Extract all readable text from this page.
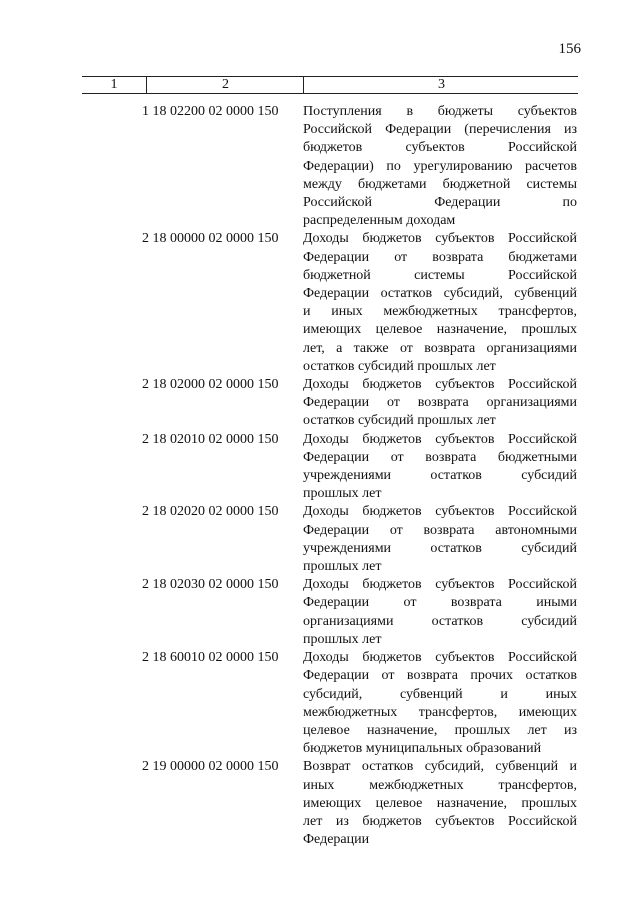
156
1	2	3
1 18 02200 02 0000 150	Поступления в бюджеты субъектов
Российской Федерации (перечисления из
бюджетов субъектов Российской
Федерации) по урегулированию расчетов
между бюджетами бюджетной системы
Российской Федерации по
распределенным доходам
2 18 00000 02 0000 150	Доходы бюджетов субъектов Российской
Федерации от возврата бюджетами
бюджетной системы Российской
Федерации остатков субсидий, субвенций
и иных межбюджетных трансфертов,
имеющих целевое назначение, прошлых
лет, а также от возврата организациями
остатков субсидий прошлых лет
2 18 02000 02 0000 150	Доходы бюджетов субъектов Российской
Федерации от возврата организациями
остатков субсидий прошлых лет
2 18 02010 02 0000 150	Доходы бюджетов субъектов Российской
Федерации от возврата бюджетными
учреждениями остатков субсидий
прошлых лет
2 18 02020 02 0000 150	Доходы бюджетов субъектов Российской
Федерации от возврата автономными
учреждениями остатков субсидий
прошлых лет
2 18 02030 02 0000 150	Доходы бюджетов субъектов Российской
Федерации от возврата иными
организациями остатков субсидий
прошлых лет
2 18 60010 02 0000 150	Доходы бюджетов субъектов Российской
Федерации от возврата прочих остатков
субсидий, субвенций и иных
межбюджетных трансфертов, имеющих
целевое назначение, прошлых лет из
бюджетов муниципальных образований
2 19 00000 02 0000 150	Возврат остатков субсидий, субвенций и
иных межбюджетных трансфертов,
имеющих целевое назначение, прошлых
лет из бюджетов субъектов Российской
Федерации
